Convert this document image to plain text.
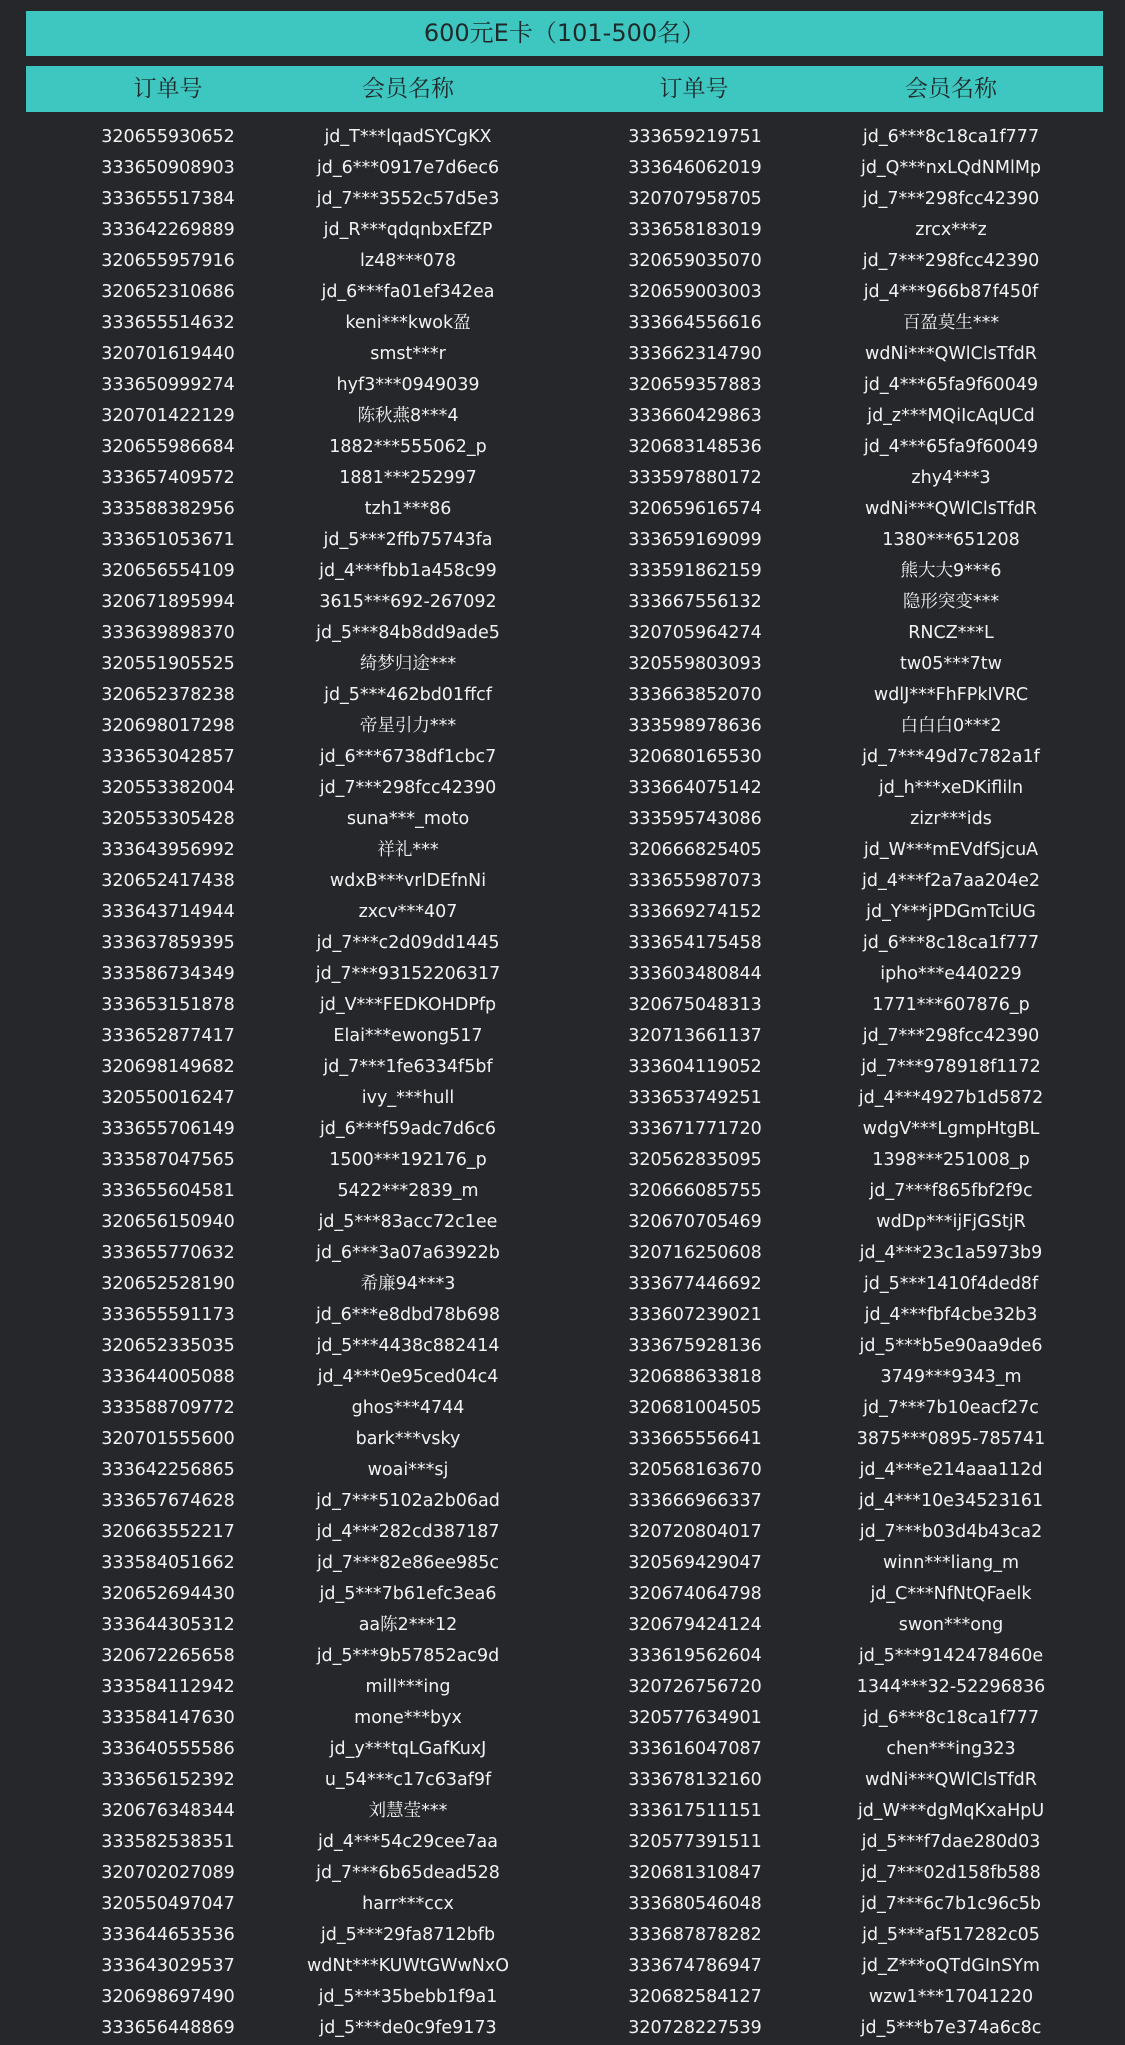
600元E卡（101-500名）
订单号	会员名称	订单号	会员名称
320655930652	jd_T***lqadSYCgKX	333659219751	jd_6***8c18ca1f777
333650908903	jd_6***0917e7d6ec6	333646062019	jd_Q***nxLQdNMlMp
333655517384	jd_7***3552c57d5e3	320707958705	jd_7***298fcc42390
333642269889	jd_R***qdqnbxEfZP	333658183019	zrcx***z
320655957916	lz48***078	320659035070	jd_7***298fcc42390
320652310686	jd_6***fa01ef342ea	320659003003	jd_4***966b87f450f
333655514632	keni***kwok盈	333664556616	百盈莫生***
320701619440	smst***r	333662314790	wdNi***QWlClsTfdR
333650999274	hyf3***0949039	320659357883	jd_4***65fa9f60049
320701422129	陈秋燕8***4	333660429863	jd_z***MQiIcAqUCd
320655986684	1882***555062_p	320683148536	jd_4***65fa9f60049
333657409572	1881***252997	333597880172	zhy4***3
333588382956	tzh1***86	320659616574	wdNi***QWlClsTfdR
333651053671	jd_5***2ffb75743fa	333659169099	1380***651208
320656554109	jd_4***fbb1a458c99	333591862159	熊大大9***6
320671895994	3615***692-267092	333667556132	隐形突变***
333639898370	jd_5***84b8dd9ade5	320705964274	RNCZ***L
320551905525	绮梦归途***	320559803093	tw05***7tw
320652378238	jd_5***462bd01ffcf	333663852070	wdlJ***FhFPkIVRC
320698017298	帝星引力***	333598978636	白白白0***2
333653042857	jd_6***6738df1cbc7	320680165530	jd_7***49d7c782a1f
320553382004	jd_7***298fcc42390	333664075142	jd_h***xeDKifliln
320553305428	suna***_moto	333595743086	zizr***ids
333643956992	祥礼***	320666825405	jd_W***mEVdfSjcuA
320652417438	wdxB***vrlDEfnNi	333655987073	jd_4***f2a7aa204e2
333643714944	zxcv***407	333669274152	jd_Y***jPDGmTciUG
333637859395	jd_7***c2d09dd1445	333654175458	jd_6***8c18ca1f777
333586734349	jd_7***93152206317	333603480844	ipho***e440229
333653151878	jd_V***FEDKOHDPfp	320675048313	1771***607876_p
333652877417	Elai***ewong517	320713661137	jd_7***298fcc42390
320698149682	jd_7***1fe6334f5bf	333604119052	jd_7***978918f1172
320550016247	ivy_***hull	333653749251	jd_4***4927b1d5872
333655706149	jd_6***f59adc7d6c6	333671771720	wdgV***LgmpHtgBL
333587047565	1500***192176_p	320562835095	1398***251008_p
333655604581	5422***2839_m	320666085755	jd_7***f865fbf2f9c
320656150940	jd_5***83acc72c1ee	320670705469	wdDp***ijFjGStjR
333655770632	jd_6***3a07a63922b	320716250608	jd_4***23c1a5973b9
320652528190	希廉94***3	333677446692	jd_5***1410f4ded8f
333655591173	jd_6***e8dbd78b698	333607239021	jd_4***fbf4cbe32b3
320652335035	jd_5***4438c882414	333675928136	jd_5***b5e90aa9de6
333644005088	jd_4***0e95ced04c4	320688633818	3749***9343_m
333588709772	ghos***4744	320681004505	jd_7***7b10eacf27c
320701555600	bark***vsky	333665556641	3875***0895-785741
333642256865	woai***sj	320568163670	jd_4***e214aaa112d
333657674628	jd_7***5102a2b06ad	333666966337	jd_4***10e34523161
320663552217	jd_4***282cd387187	320720804017	jd_7***b03d4b43ca2
333584051662	jd_7***82e86ee985c	320569429047	winn***liang_m
320652694430	jd_5***7b61efc3ea6	320674064798	jd_C***NfNtQFaelk
333644305312	aa陈2***12	320679424124	swon***ong
320672265658	jd_5***9b57852ac9d	333619562604	jd_5***9142478460e
333584112942	mill***ing	320726756720	1344***32-52296836
333584147630	mone***byx	320577634901	jd_6***8c18ca1f777
333640555586	jd_y***tqLGafKuxJ	333616047087	chen***ing323
333656152392	u_54***c17c63af9f	333678132160	wdNi***QWlClsTfdR
320676348344	刘慧莹***	333617511151	jd_W***dgMqKxaHpU
333582538351	jd_4***54c29cee7aa	320577391511	jd_5***f7dae280d03
320702027089	jd_7***6b65dead528	320681310847	jd_7***02d158fb588
320550497047	harr***ccx	333680546048	jd_7***6c7b1c96c5b
333644653536	jd_5***29fa8712bfb	333687878282	jd_5***af517282c05
333643029537	wdNt***KUWtGWwNxO	333674786947	jd_Z***oQTdGInSYm
320698697490	jd_5***35bebb1f9a1	320682584127	wzw1***17041220
333656448869	jd_5***de0c9fe9173	320728227539	jd_5***b7e374a6c8c
